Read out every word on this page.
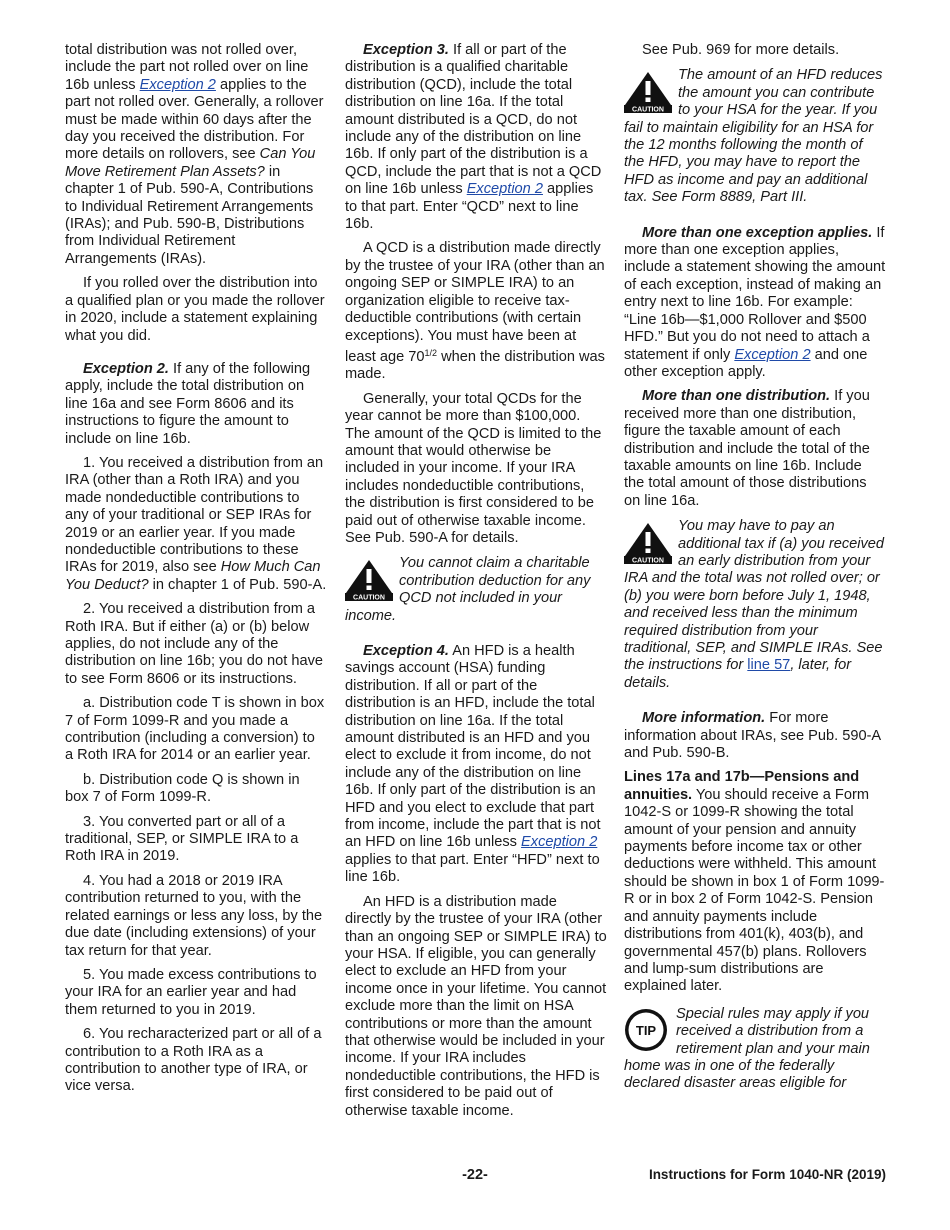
total distribution was not rolled over, include the part not rolled over on line 16b unless Exception 2 applies to the part not rolled over. Generally, a rollover must be made within 60 days after the day you received the distribution. For more details on rollovers, see Can You Move Retirement Plan Assets? in chapter 1 of Pub. 590-A, Contributions to Individual Retirement Arrangements (IRAs); and Pub. 590-B, Distributions from Individual Retirement Arrangements (IRAs).

If you rolled over the distribution into a qualified plan or you made the rollover in 2020, include a statement explaining what you did.

Exception 2. If any of the following apply, include the total distribution on line 16a and see Form 8606 and its instructions to figure the amount to include on line 16b.

1. You received a distribution from an IRA (other than a Roth IRA) and you made nondeductible contributions to any of your traditional or SEP IRAs for 2019 or an earlier year. If you made nondeductible contributions to these IRAs for 2019, also see How Much Can You Deduct? in chapter 1 of Pub. 590-A.

2. You received a distribution from a Roth IRA. But if either (a) or (b) below applies, do not include any of the distribution on line 16b; you do not have to see Form 8606 or its instructions.

a. Distribution code T is shown in box 7 of Form 1099-R and you made a contribution (including a conversion) to a Roth IRA for 2014 or an earlier year.

b. Distribution code Q is shown in box 7 of Form 1099-R.

3. You converted part or all of a traditional, SEP, or SIMPLE IRA to a Roth IRA in 2019.

4. You had a 2018 or 2019 IRA contribution returned to you, with the related earnings or less any loss, by the due date (including extensions) of your tax return for that year.

5. You made excess contributions to your IRA for an earlier year and had them returned to you in 2019.

6. You recharacterized part or all of a contribution to a Roth IRA as a contribution to another type of IRA, or vice versa.

Exception 3. If all or part of the distribution is a qualified charitable distribution (QCD), include the total distribution on line 16a. If the total amount distributed is a QCD, do not include any of the distribution on line 16b. If only part of the distribution is a QCD, include the part that is not a QCD on line 16b unless Exception 2 applies to that part. Enter “QCD” next to line 16b.

A QCD is a distribution made directly by the trustee of your IRA (other than an ongoing SEP or SIMPLE IRA) to an organization eligible to receive tax-deductible contributions (with certain exceptions). You must have been at least age $70^{1/2}$ when the distribution was made.

Generally, your total QCDs for the year cannot be more than $100,000. The amount of the QCD is limited to the amount that would otherwise be included in your income. If your IRA includes nondeductible contributions, the distribution is first considered to be paid out of otherwise taxable income. See Pub. 590-A for details.

CAUTION
You cannot claim a charitable contribution deduction for any QCD not included in your income.

Exception 4. An HFD is a health savings account (HSA) funding distribution. If all or part of the distribution is an HFD, include the total distribution on line 16a. If the total amount distributed is an HFD and you elect to exclude it from income, do not include any of the distribution on line 16b. If only part of the distribution is an HFD and you elect to exclude that part from income, include the part that is not an HFD on line 16b unless Exception 2 applies to that part. Enter “HFD” next to line 16b.

An HFD is a distribution made directly by the trustee of your IRA (other than an ongoing SEP or SIMPLE IRA) to your HSA. If eligible, you can generally elect to exclude an HFD from your income once in your lifetime. You cannot exclude more than the limit on HSA contributions or more than the amount that otherwise would be included in your income. If your IRA includes nondeductible contributions, the HFD is first considered to be paid out of otherwise taxable income.

See Pub. 969 for more details.

CAUTION
The amount of an HFD reduces the amount you can contribute to your HSA for the year. If you fail to maintain eligibility for an HSA for the 12 months following the month of the HFD, you may have to report the HFD as income and pay an additional tax. See Form 8889, Part III.

More than one exception applies. If more than one exception applies, include a statement showing the amount of each exception, instead of making an entry next to line 16b. For example: “Line 16b—$1,000 Rollover and $500 HFD.” But you do not need to attach a statement if only Exception 2 and one other exception apply.

More than one distribution. If you received more than one distribution, figure the taxable amount of each distribution and include the total of the taxable amounts on line 16b. Include the total amount of those distributions on line 16a.

CAUTION
You may have to pay an additional tax if (a) you received an early distribution from your IRA and the total was not rolled over; or (b) you were born before July 1, 1948, and received less than the minimum required distribution from your traditional, SEP, and SIMPLE IRAs. See the instructions for line 57, later, for details.

More information. For more information about IRAs, see Pub. 590-A and Pub. 590-B.

Lines 17a and 17b—Pensions and annuities. You should receive a Form 1042-S or 1099-R showing the total amount of your pension and annuity payments before income tax or other deductions were withheld. This amount should be shown in box 1 of Form 1099-R or in box 2 of Form 1042-S. Pension and annuity payments include distributions from 401(k), 403(b), and governmental 457(b) plans. Rollovers and lump-sum distributions are explained later.

TIP
Special rules may apply if you received a distribution from a retirement plan and your main home was in one of the federally declared disaster areas eligible for
-22-	Instructions for Form 1040-NR (2019)
